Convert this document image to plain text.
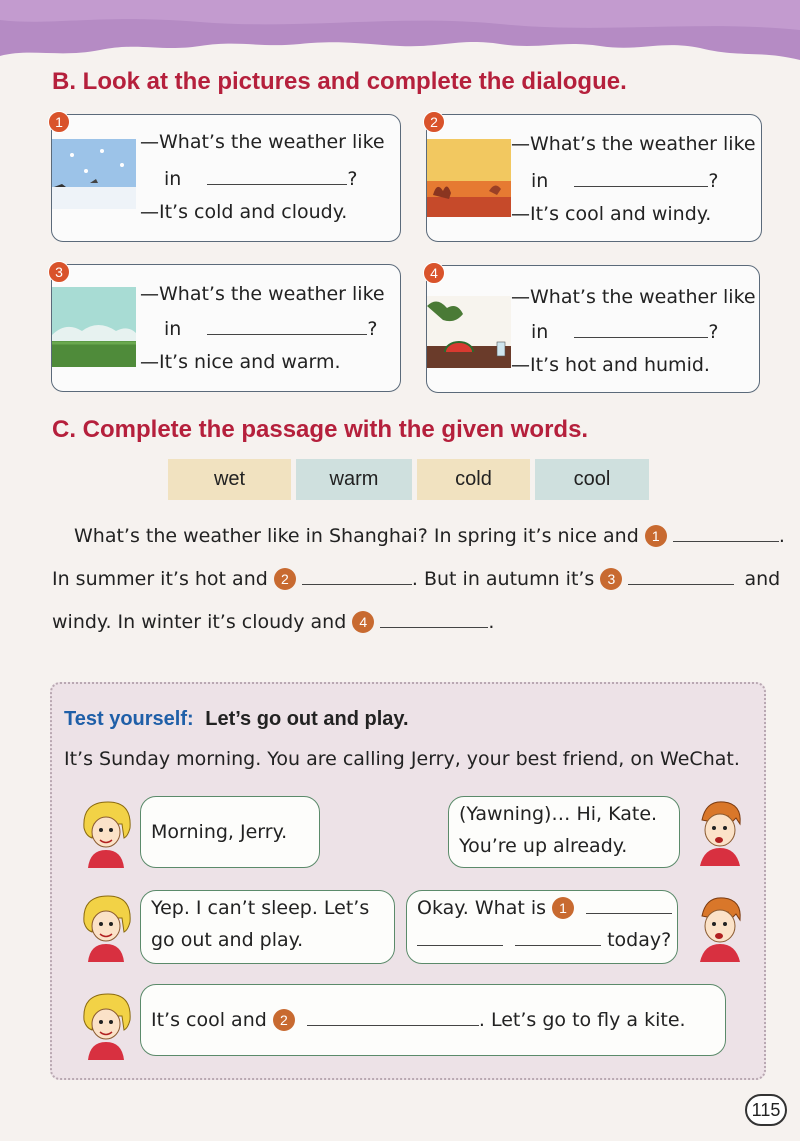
B. Look at the pictures and complete the dialogue.
1
—What’s the weather like
in	?
—It’s cold and cloudy.
2
—What’s the weather like
in	?
—It’s cool and windy.
3
—What’s the weather like
in	?
—It’s nice and warm.
4
—What’s the weather like
in	?
—It’s hot and humid.
C. Complete the passage with the given words.
wet	warm	cold	cool
What’s the weather like in Shanghai? In spring it’s nice and 1	.
In summer it’s hot and 2	. But in autumn it’s 3	and
windy. In winter it’s cloudy and 4	.
Test yourself: Let’s go out and play.
It’s Sunday morning. You are calling Jerry, your best friend, on WeChat.
Morning, Jerry.
(Yawning)… Hi, Kate.
You’re up already.
Yep. I can’t sleep. Let’s
go out and play.
Okay. What is 1
today?
It’s cool and 2	. Let’s go to fly a kite.
115
